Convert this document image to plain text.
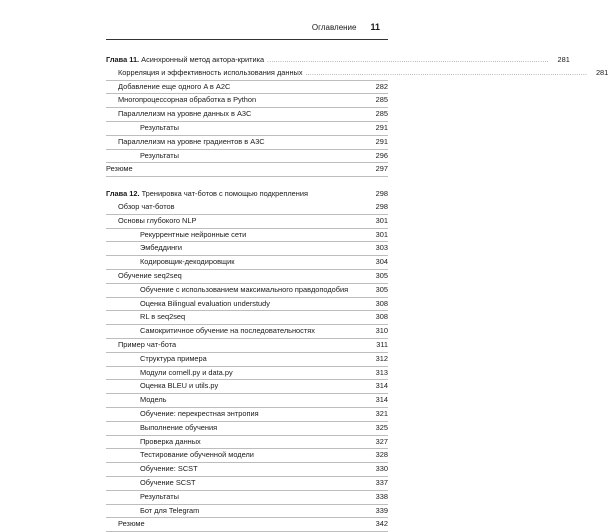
Оглавление 11
Глава 11. Асинхронный метод актора-критика ..................................................................................................................................	281
Корреляция и эффективность использования данных ..................................................................................................................................	281
Добавление еще одного A в A2C	282
Многопроцессорная обработка в Python	285
Параллелизм на уровне данных в A3C	285
Результаты	291
Параллелизм на уровне градиентов в A3C	291
Результаты	296
Резюме	297
Глава 12. Тренировка чат-ботов с помощью подкрепления	298
Обзор чат-ботов	298
Основы глубокого NLP	301
Рекуррентные нейронные сети	301
Эмбеддинги	303
Кодировщик-декодировщик	304
Обучение seq2seq	305
Обучение с использованием максимального правдоподобия	305
Оценка Bilingual evaluation understudy	308
RL в seq2seq	308
Самокритичное обучение на последовательностях	310
Пример чат-бота	311
Структура примера	312
Модули cornell.py и data.py	313
Оценка BLEU и utils.py	314
Модель	314
Обучение: перекрестная энтропия	321
Выполнение обучения	325
Проверка данных	327
Тестирование обученной модели	328
Обучение: SCST	330
Обучение SCST	337
Результаты	338
Бот для Telegram	339
Резюме	342
